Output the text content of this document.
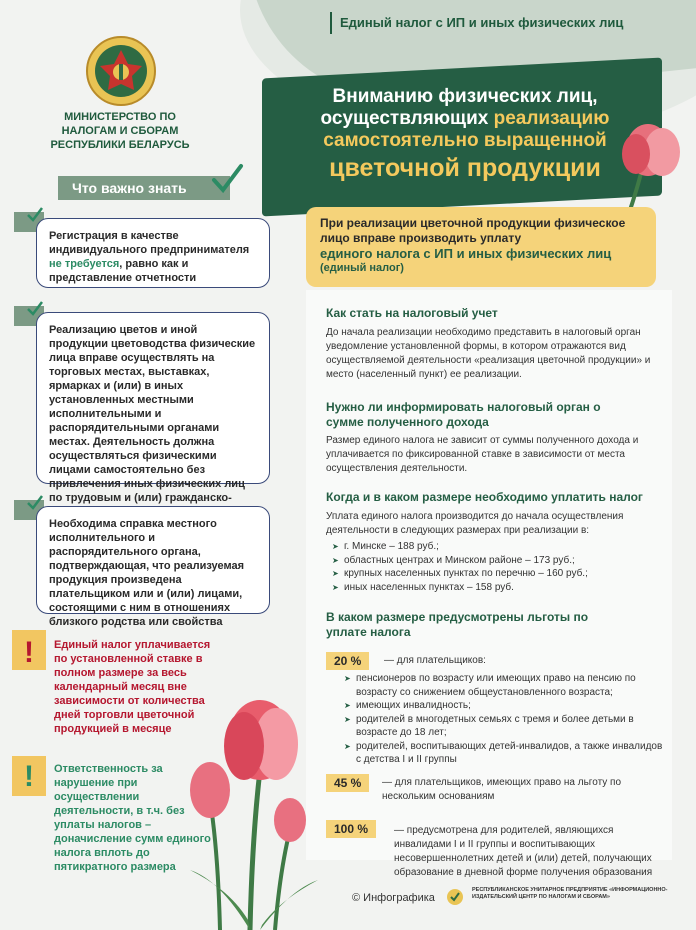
Единый налог с ИП и иных физических лиц
МИНИСТЕРСТВО ПО НАЛОГАМ И СБОРАМ РЕСПУБЛИКИ БЕЛАРУСЬ
Вниманию физических лиц,
осуществляющих реализацию
самостоятельно выращенной
цветочной продукции
Что важно знать
Регистрация в качестве индивидуального предпринимателя не требуется, равно как и представление отчетности
Реализацию цветов и иной продукции цветоводства физические лица вправе осуществлять на торговых местах, выставках, ярмарках и (или) в иных установленных местными исполнительными и распорядительными органами местах. Деятельность должна осуществляться физическими лицами самостоятельно без привлечения иных физических лиц по трудовым и (или) гражданско-
Необходима справка местного исполнительного и распорядительного органа, подтверждающая, что реализуемая продукция произведена плательщиком или и (или) лицами, состоящими с ним в отношениях близкого родства или свойства
! Единый налог уплачивается по установленной ставке в полном размере за весь календарный месяц вне зависимости от количества дней торговли цветочной продукцией в месяце
! Ответственность за нарушение при осуществлении деятельности, в т.ч. без уплаты налогов – доначисление сумм единого налога вплоть до пятикратного размера
При реализации цветочной продукции физическое лицо вправе производить уплату
единого налога с ИП и иных физических лиц
(единый налог)
Как стать на налоговый учет
До начала реализации необходимо представить в налоговый орган уведомление установленной формы, в котором отражаются вид осуществляемой деятельности «реализация цветочной продукции» и место (населенный пункт) ее реализации.
Нужно ли информировать налоговый орган о сумме полученного дохода
Размер единого налога не зависит от суммы полученного дохода и уплачивается по фиксированной ставке в зависимости от места осуществления деятельности.
Когда и в каком размере необходимо уплатить налог
Уплата единого налога производится до начала осуществления деятельности в следующих размерах при реализации в:
➤ г. Минске – 188 руб.;
➤ областных центрах и Минском районе – 173 руб.;
➤ крупных населенных пунктах по перечню – 160 руб.;
➤ иных населенных пунктах – 158 руб.
В каком размере предусмотрены льготы по уплате налога
20 %	— для плательщиков:
➤ пенсионеров по возрасту или имеющих право на пенсию по возрасту со снижением общеустановленного возраста;
➤ имеющих инвалидность;
➤ родителей в многодетных семьях с тремя и более детьми в возрасте до 18 лет;
➤ родителей, воспитывающих детей-инвалидов, а также инвалидов с детства I и II группы
45 %	— для плательщиков, имеющих право на льготу по нескольким основаниям
100 %	— предусмотрена для родителей, являющихся инвалидами I и II группы и воспитывающих несовершеннолетних детей и (или) детей, получающих образование в дневной форме получения образования
© Инфографика
РЕСПУБЛИКАНСКОЕ УНИТАРНОЕ ПРЕДПРИЯТИЕ «ИНФОРМАЦИОННО-ИЗДАТЕЛЬСКИЙ ЦЕНТР ПО НАЛОГАМ И СБОРАМ»
